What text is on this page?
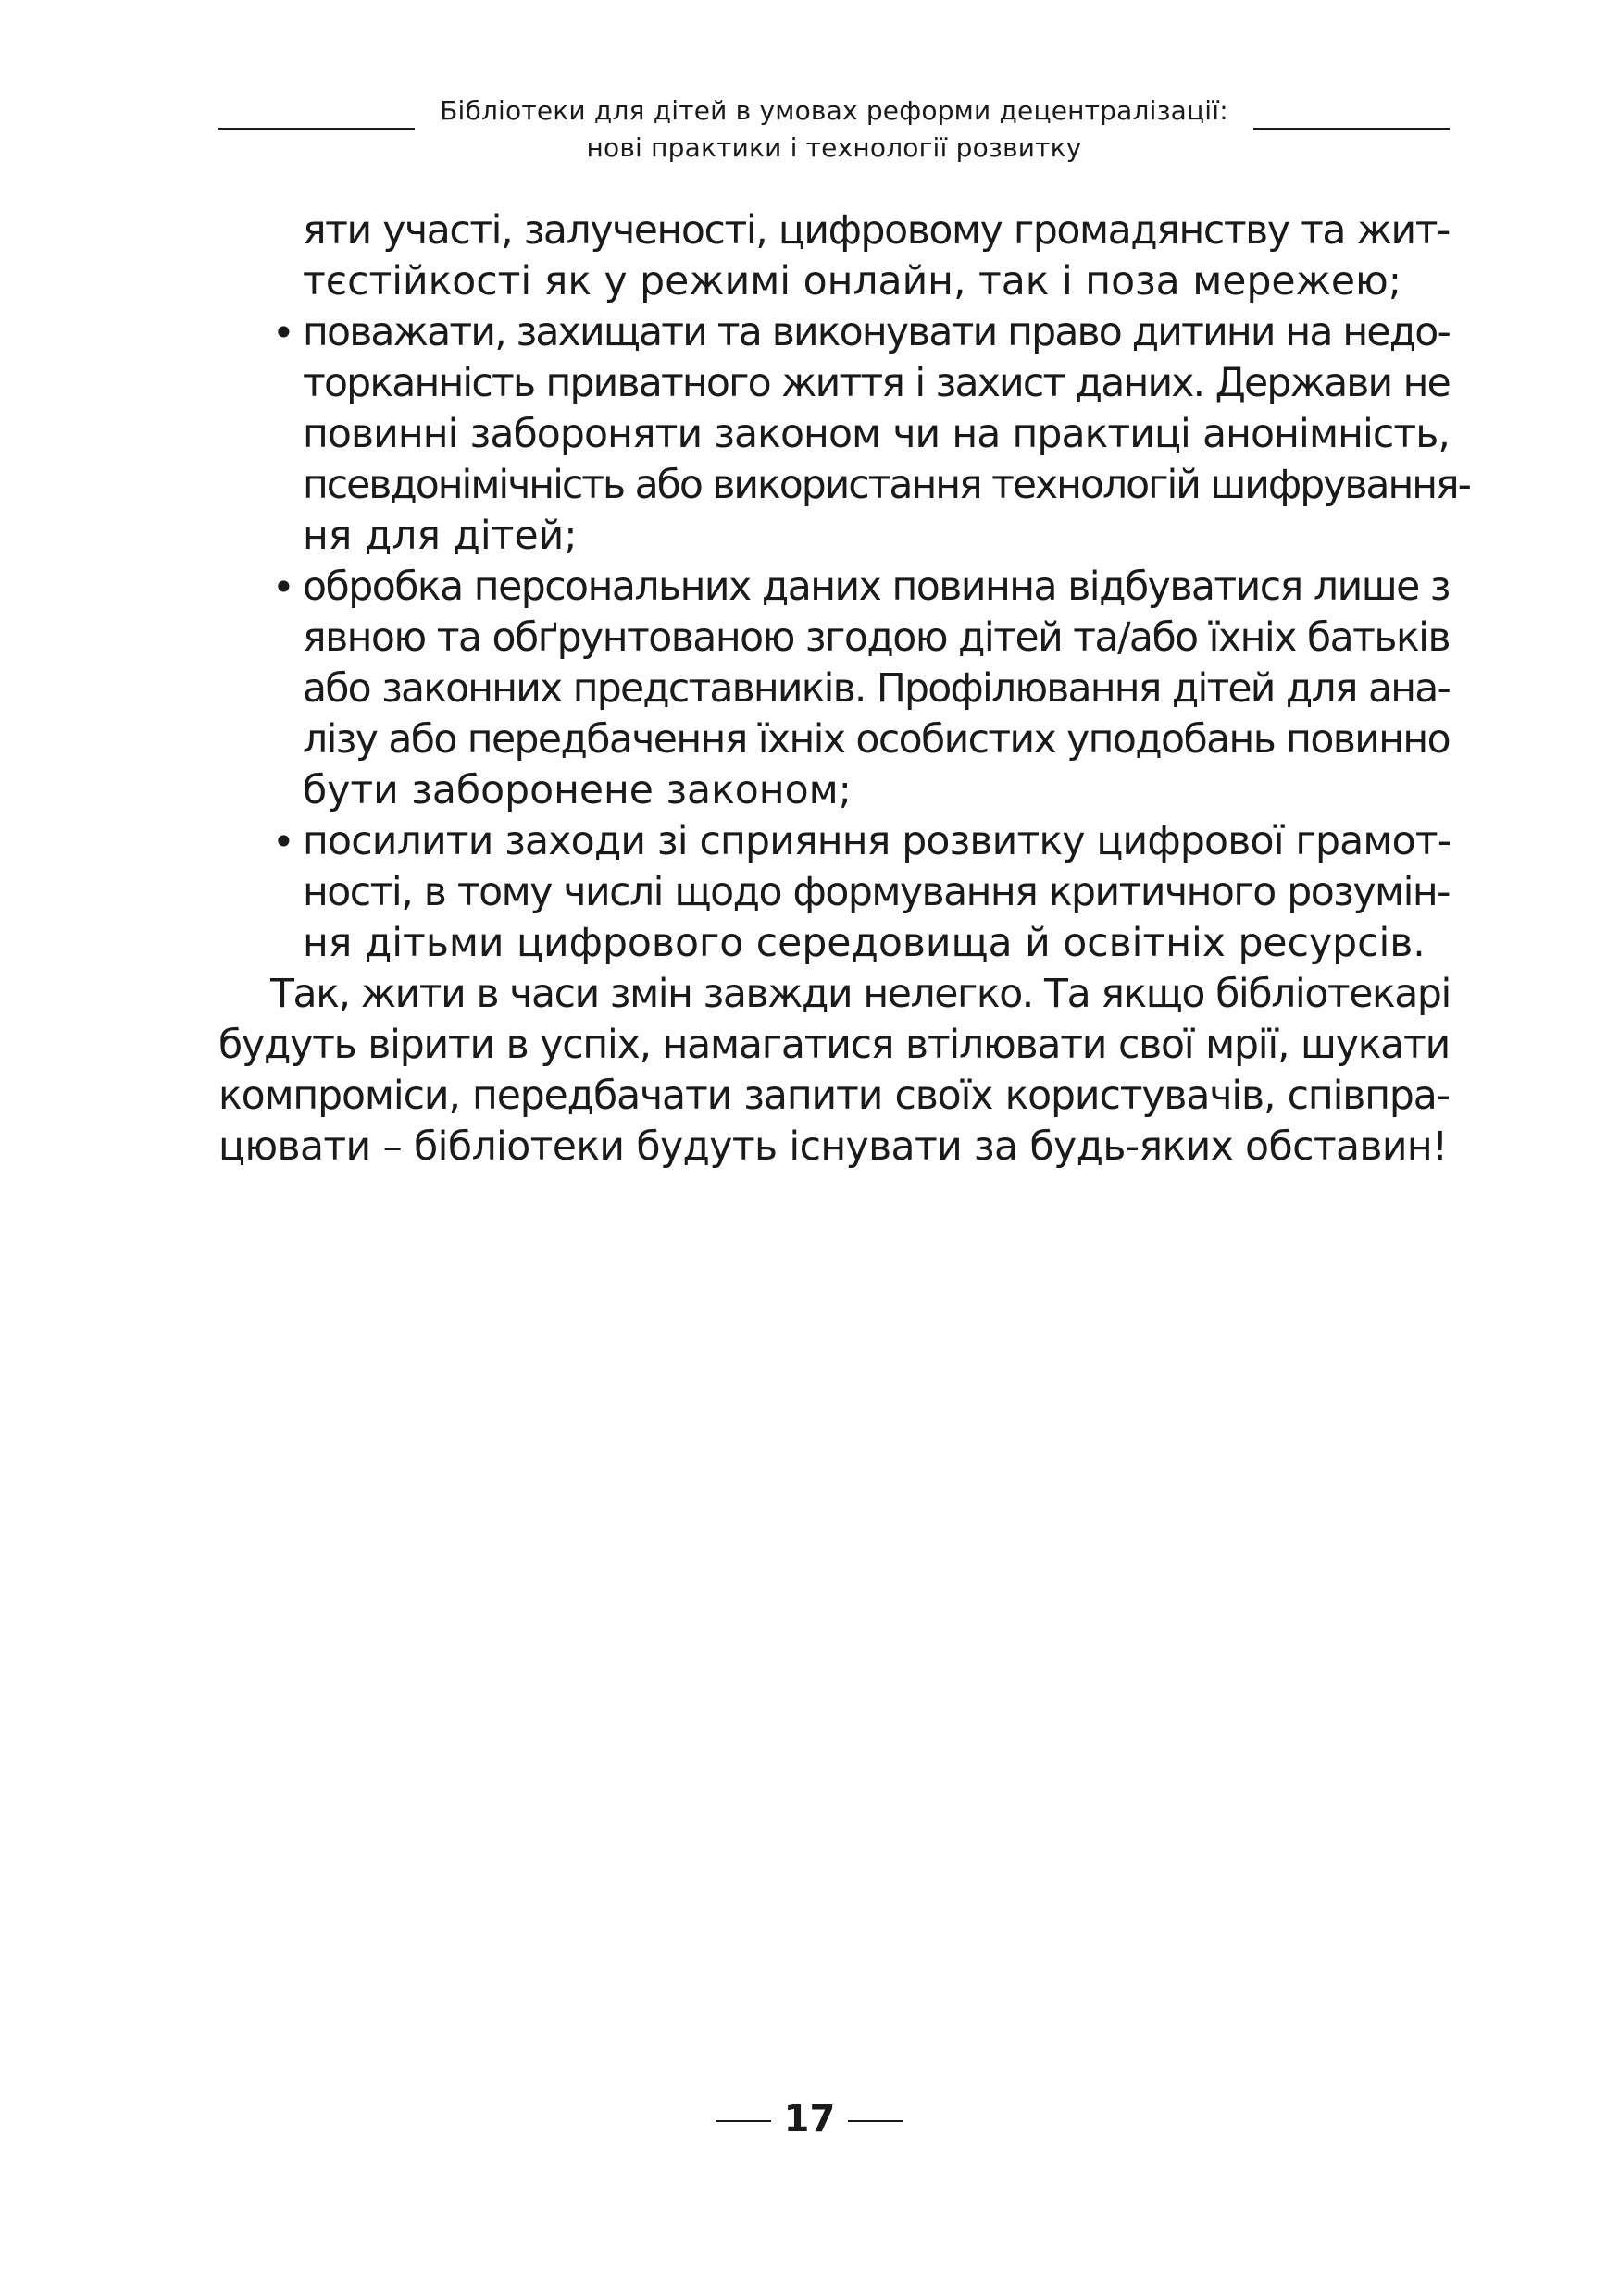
Бібліотеки для дітей в умовах реформи децентралізації:
нові практики і технології розвитку
яти участі, залученості, цифровому громадянству та жит-
тєстійкості як у режимі онлайн, так і поза мережею;
• поважати, захищати та виконувати право дитини на недо-
торканність приватного життя і захист даних. Держави не
повинні забороняти законом чи на практиці анонімність,
псевдонімічність або використання технологій шифрування-
ня для дітей;
• обробка персональних даних повинна відбуватися лише з
явною та обґрунтованою згодою дітей та/або їхніх батьків
або законних представників. Профілювання дітей для ана-
лізу або передбачення їхніх особистих уподобань повинно
бути заборонене законом;
• посилити заходи зі сприяння розвитку цифрової грамот-
ності, в тому числі щодо формування критичного розумін-
ня дітьми цифрового середовища й освітніх ресурсів.
Так, жити в часи змін завжди нелегко. Та якщо бібліотекарі
будуть вірити в успіх, намагатися втілювати свої мрії, шукати
компроміси, передбачати запити своїх користувачів, співпра-
цювати – бібліотеки будуть існувати за будь-яких обставин!
17
